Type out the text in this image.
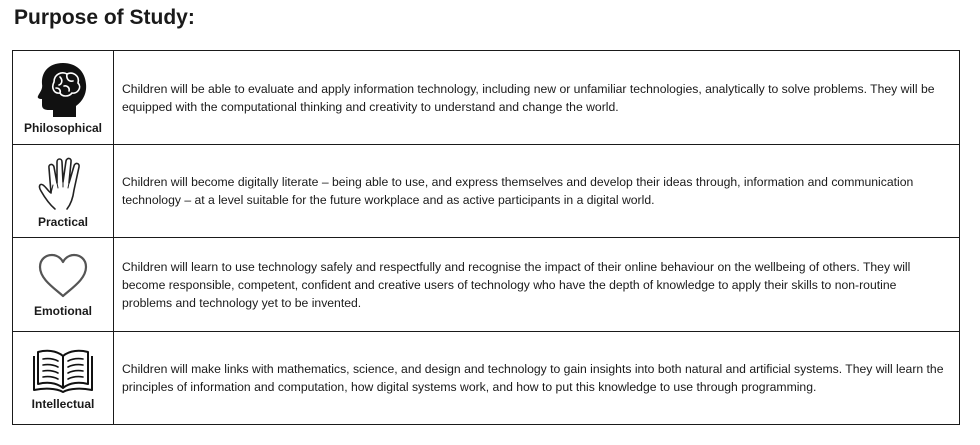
Purpose of Study:
Philosophical	Children will be able to evaluate and apply information technology, including new or unfamiliar technologies, analytically to solve problems. They will be equipped with the computational thinking and creativity to understand and change the world.

Practical	Children will become digitally literate – being able to use, and express themselves and develop their ideas through, information and communication technology – at a level suitable for the future workplace and as active participants in a digital world.

Emotional	Children will learn to use technology safely and respectfully and recognise the impact of their online behaviour on the wellbeing of others. They will become responsible, competent, confident and creative users of technology who have the depth of knowledge to apply their skills to non-routine problems and technology yet to be invented.

Intellectual	Children will make links with mathematics, science, and design and technology to gain insights into both natural and artificial systems. They will learn the principles of information and computation, how digital systems work, and how to put this knowledge to use through programming.
